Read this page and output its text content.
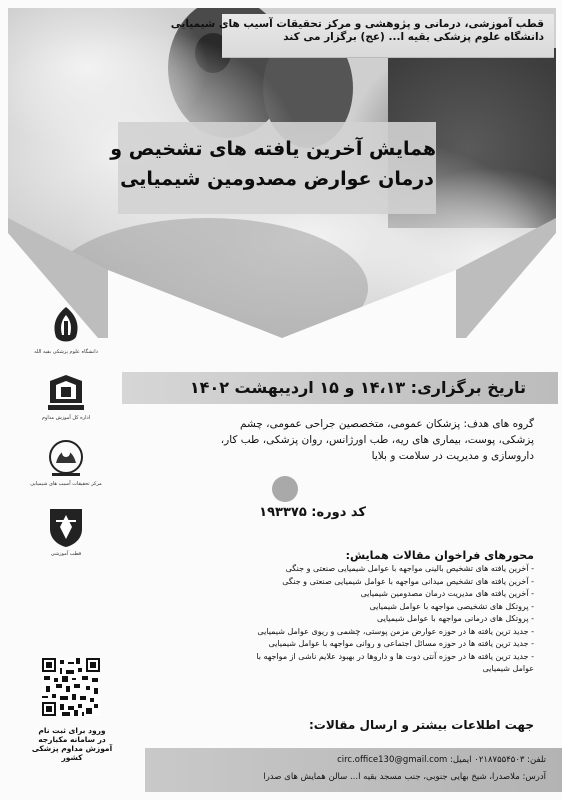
قطب آموزشی، درمانی و پژوهشی و مرکز تحقیقات آسیب های شیمیایی
دانشگاه علوم پزشکی بقیه ا... (عج) برگزار می کند
همایش آخرین یافته های تشخیص و
درمان عوارض مصدومین شیمیایی
دانشگاه علوم پزشکی بقیه الله
اداره کل آموزش مداوم
مرکز تحقیقات آسیب های شیمیایی
قطب آموزشی
ورود برای ثبت نام
در سامانه مکبارجه
آموزش مداوم پزشکی کشور
تاریخ برگزاری: ۱۴،۱۳ و ۱۵ اردیبهشت ۱۴۰۲
گروه های هدف: پزشکان عمومی، متخصصین جراحی عمومی، چشم
پزشکی، پوست، بیماری های ریه، طب اورژانس، روان پزشکی، طب کار،
داروسازی و مدیریت در سلامت و بلایا
کد دوره: ۱۹۳۳۷۵
محورهای فراخوان مقالات همایش:
- آخرین یافته های تشخیص بالینی مواجهه با عوامل شیمیایی صنعتی و جنگی
- آخرین یافته های تشخیص میدانی مواجهه با عوامل شیمیایی صنعتی و جنگی
- آخرین یافته های مدیریت درمان مصدومین شیمیایی
- پروتکل های تشخیصی مواجهه با عوامل شیمیایی
- پروتکل های درمانی مواجهه با عوامل شیمیایی
- جدید ترین یافته ها در حوزه عوارض مزمن پوستی، چشمی و ریوی عوامل شیمیایی
- جدید ترین یافته ها در حوزه مسائل اجتماعی و روانی مواجهه با عوامل شیمیایی
- جدید ترین یافته ها در حوزه آنتی دوت ها و داروها در بهبود علایم ناشی از مواجهه با
عوامل شیمیایی
جهت اطلاعات بیشتر و ارسال مقالات:
تلفن: ۰۲۱۸۷۵۵۴۵۰۳ ایمیل: circ.office130@gmail.com
آدرس: ملاصدرا، شیخ بهایی جنوبی، جنب مسجد بقیه ا... سالن همایش های صدرا
